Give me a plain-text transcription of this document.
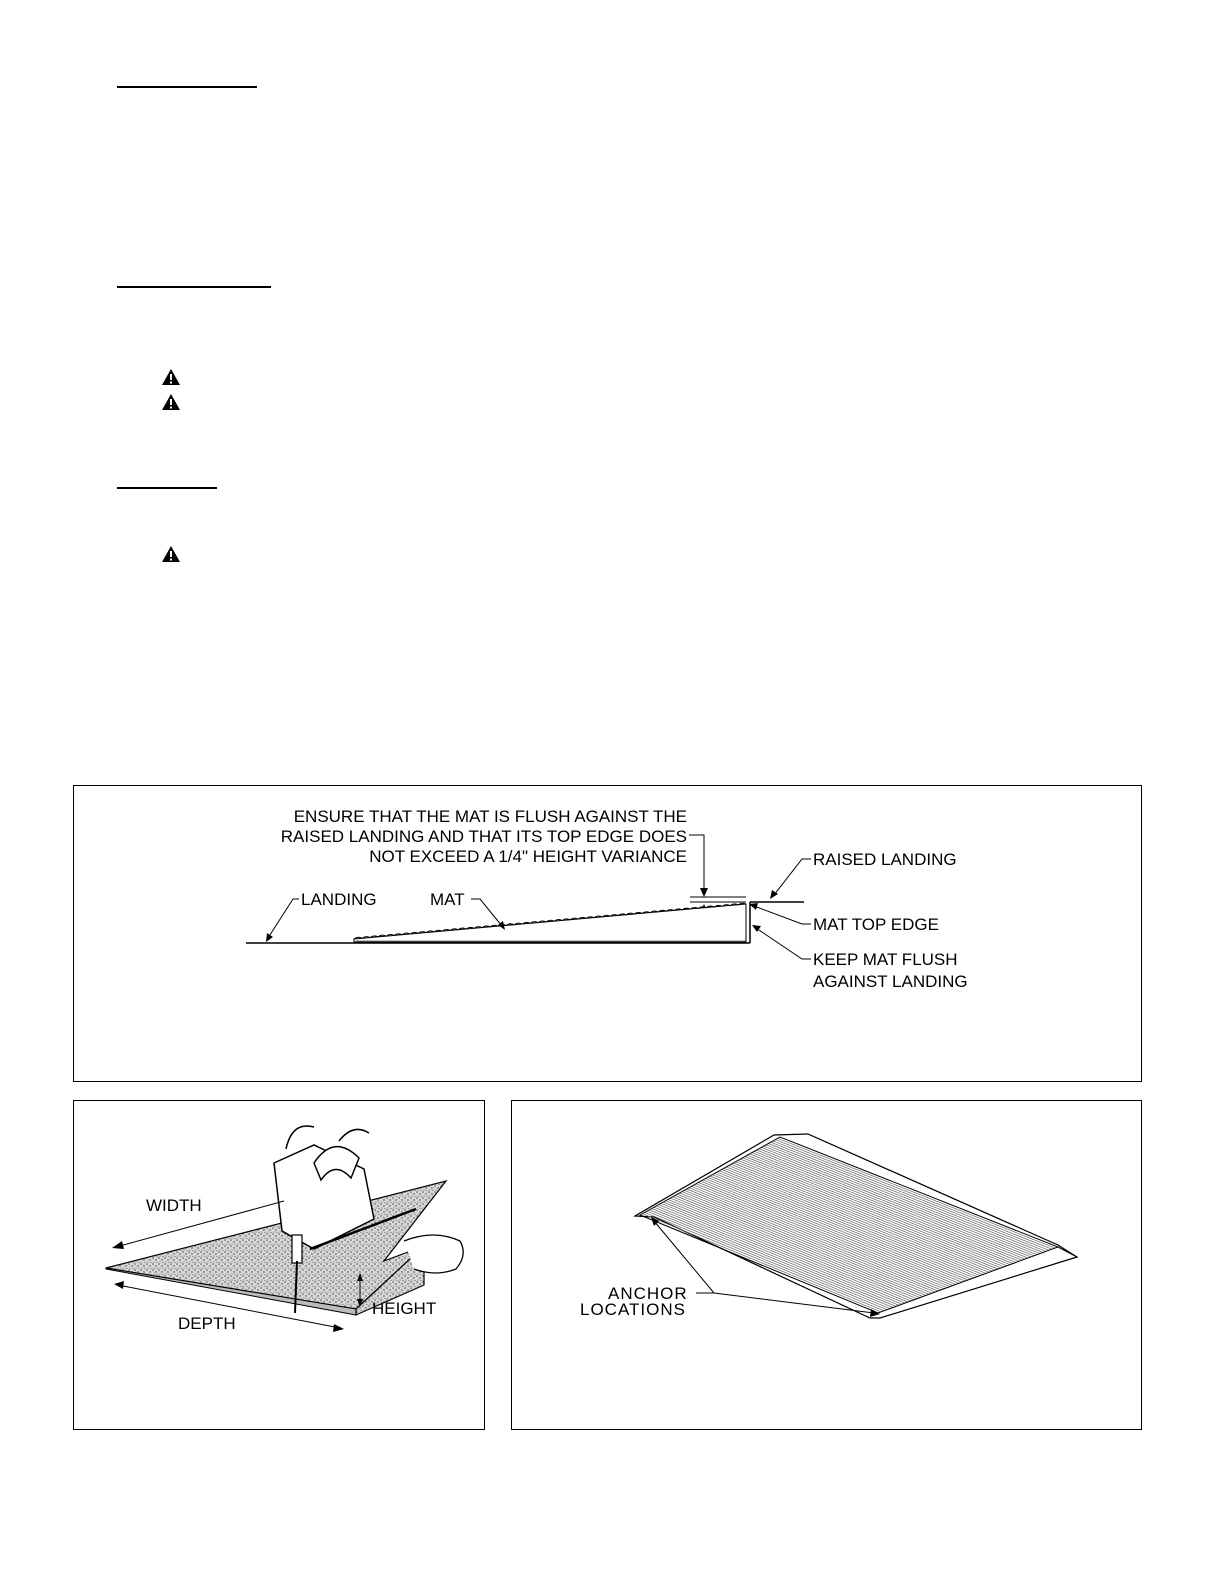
ENSURE THAT THE MAT IS FLUSH AGAINST THE
RAISED LANDING AND THAT ITS TOP EDGE DOES
NOT EXCEED A 1/4" HEIGHT VARIANCE
LANDING	MAT
RAISED LANDING
MAT TOP EDGE
KEEP MAT FLUSH
AGAINST LANDING
WIDTH
DEPTH
HEIGHT
ANCHOR
LOCATIONS
